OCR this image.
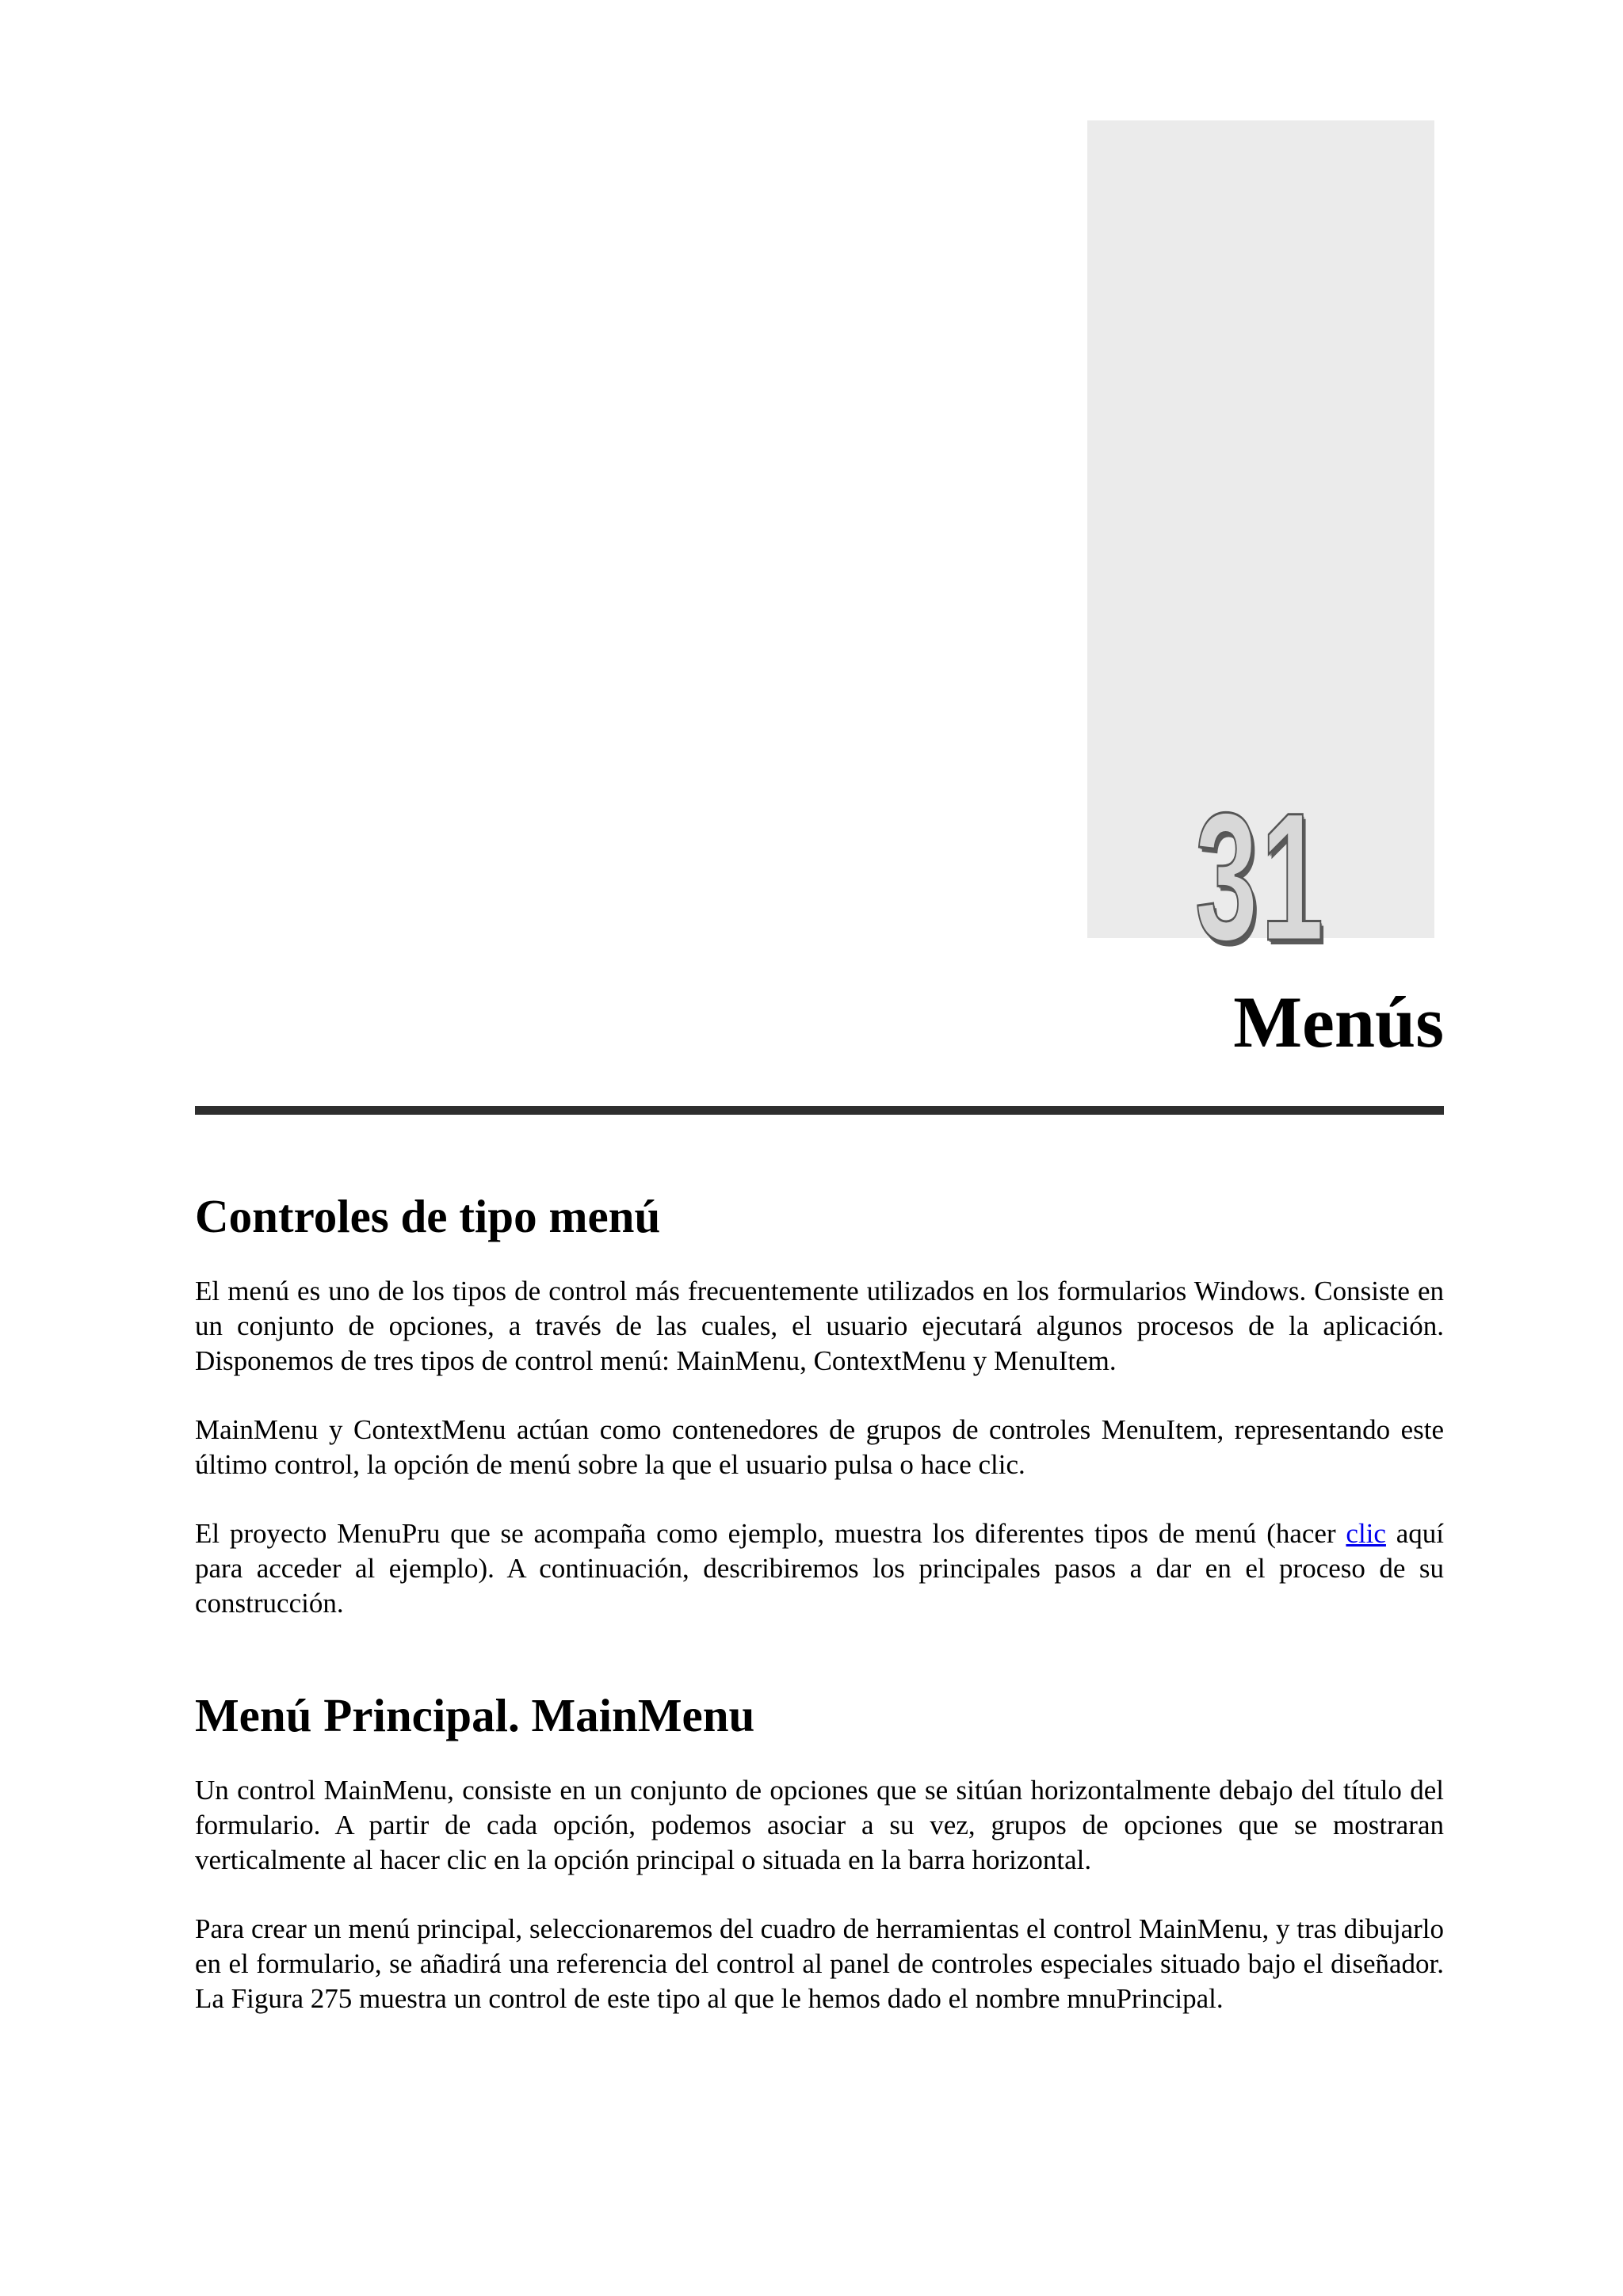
31
Menús
Controles de tipo menú

El menú es uno de los tipos de control más frecuentemente utilizados en los formularios Windows. Consiste en un conjunto de opciones, a través de las cuales, el usuario ejecutará algunos procesos de la aplicación. Disponemos de tres tipos de control menú: MainMenu, ContextMenu y MenuItem.

MainMenu y ContextMenu actúan como contenedores de grupos de controles MenuItem, representando este último control, la opción de menú sobre la que el usuario pulsa o hace clic.

El proyecto MenuPru que se acompaña como ejemplo, muestra los diferentes tipos de menú (hacer clic aquí para acceder al ejemplo). A continuación, describiremos los principales pasos a dar en el proceso de su construcción.

Menú Principal. MainMenu

Un control MainMenu, consiste en un conjunto de opciones que se sitúan horizontalmente debajo del título del formulario. A partir de cada opción, podemos asociar a su vez, grupos de opciones que se mostraran verticalmente al hacer clic en la opción principal o situada en la barra horizontal.

Para crear un menú principal, seleccionaremos del cuadro de herramientas el control MainMenu, y tras dibujarlo en el formulario, se añadirá una referencia del control al panel de controles especiales situado bajo el diseñador. La Figura 275 muestra un control de este tipo al que le hemos dado el nombre mnuPrincipal.
